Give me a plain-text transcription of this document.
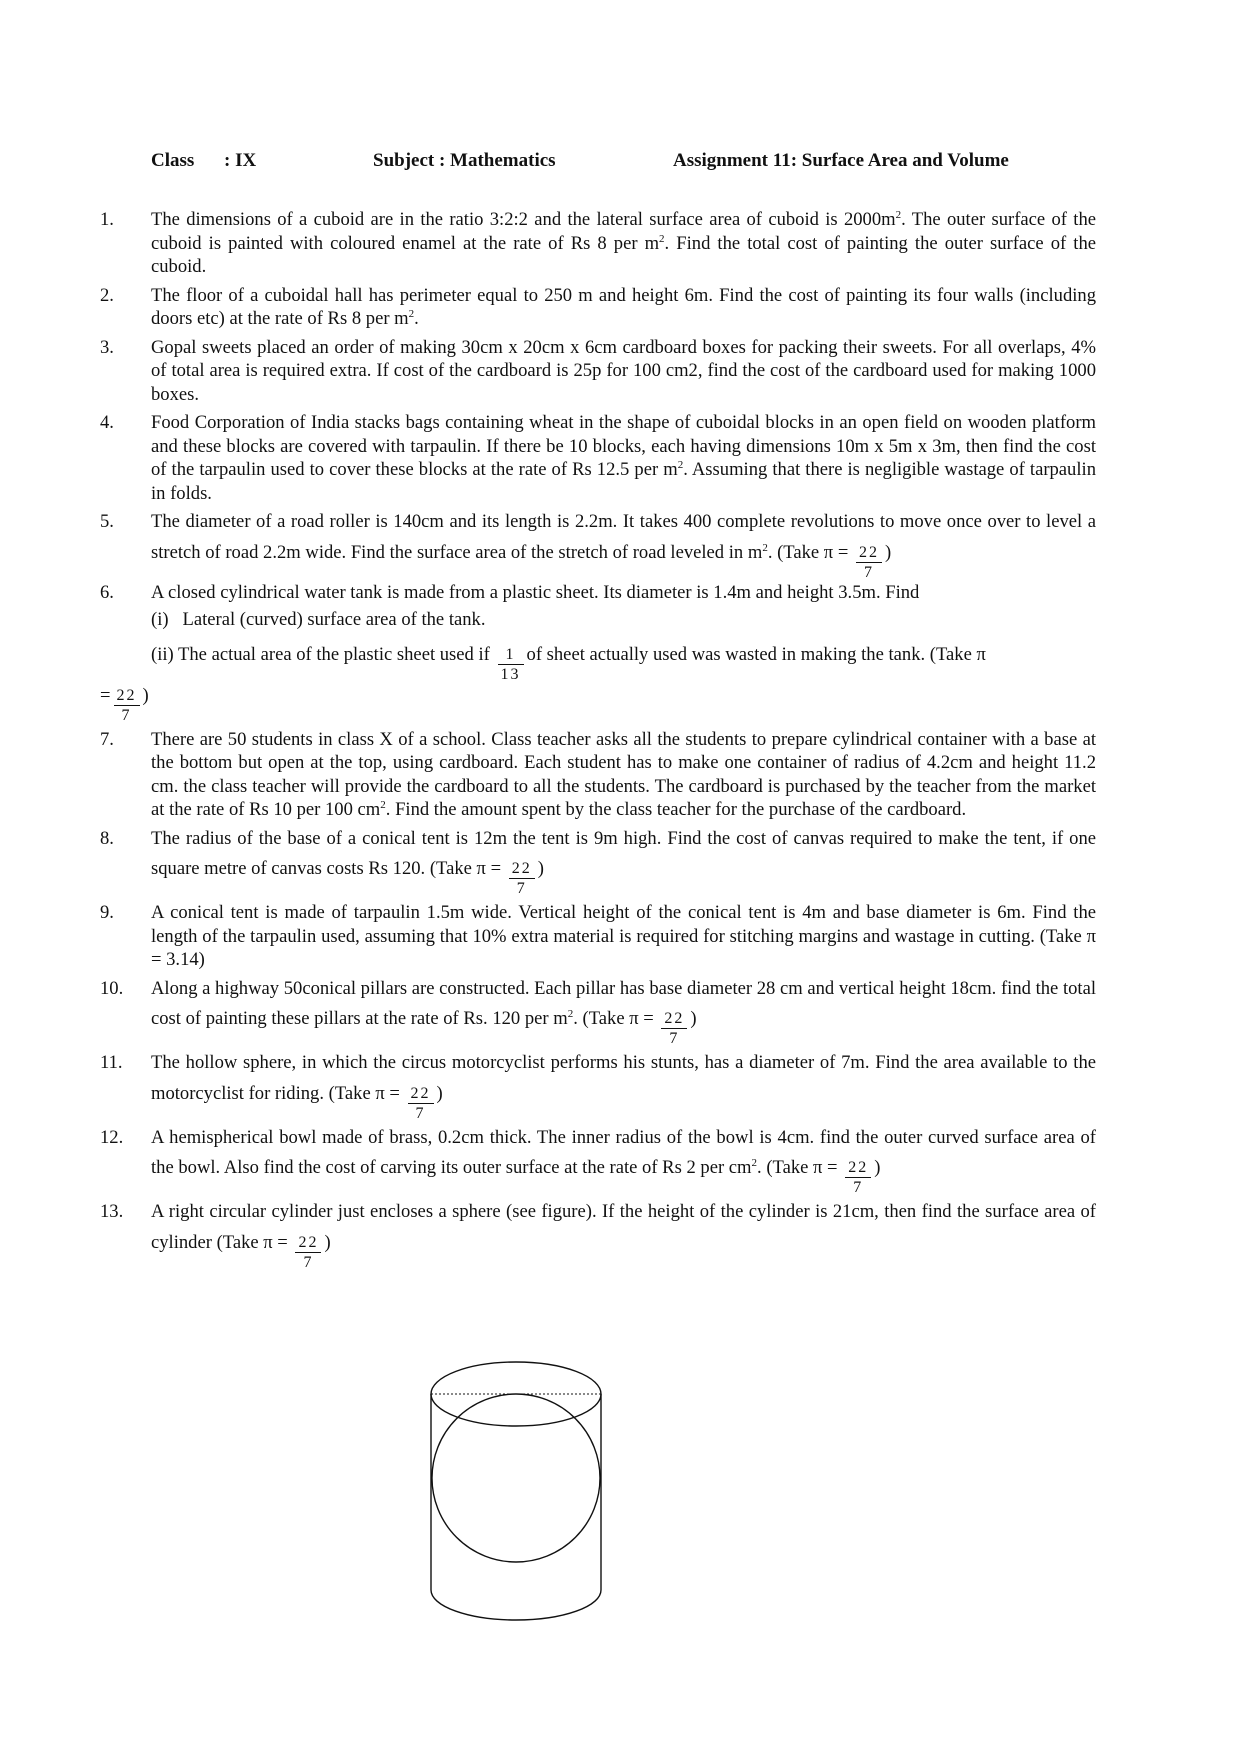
Class : IX	Subject : Mathematics	Assignment 11: Surface Area and Volume
1. The dimensions of a cuboid are in the ratio 3:2:2 and the lateral surface area of cuboid is $2000m^2$. The outer surface of the cuboid is painted with coloured enamel at the rate of Rs 8 per $m^2$. Find the total cost of painting the outer surface of the cuboid.
2. The floor of a cuboidal hall has perimeter equal to 250 m and height 6m. Find the cost of painting its four walls (including doors etc) at the rate of Rs 8 per $m^2$.
3. Gopal sweets placed an order of making 30cm x 20cm x 6cm cardboard boxes for packing their sweets. For all overlaps, 4% of total area is required extra. If cost of the cardboard is 25p for 100 cm2, find the cost of the cardboard used for making 1000 boxes.
4. Food Corporation of India stacks bags containing wheat in the shape of cuboidal blocks in an open field on wooden platform and these blocks are covered with tarpaulin. If there be 10 blocks, each having dimensions 10m x 5m x 3m, then find the cost of the tarpaulin used to cover these blocks at the rate of Rs 12.5 per $m^2$. Assuming that there is negligible wastage of tarpaulin in folds.
5. The diameter of a road roller is 140cm and its length is 2.2m. It takes 400 complete revolutions to move once over to level a stretch of road 2.2m wide. Find the surface area of the stretch of road leveled in $m^2$. (Take $\pi = \frac{22}{7}$ )
6. A closed cylindrical water tank is made from a plastic sheet. Its diameter is 1.4m and height 3.5m. Find
(i)   Lateral (curved) surface area of the tank.
(ii) The actual area of the plastic sheet used if $\frac{1}{13}$ of sheet actually used was wasted in making the tank. (Take π
= $\frac{22}{7}$ )
7. There are 50 students in class X of a school. Class teacher asks all the students to prepare cylindrical container with a base at the bottom but open at the top, using cardboard. Each student has to make one container of radius of 4.2cm and height 11.2 cm. the class teacher will provide the cardboard to all the students. The cardboard is purchased by the teacher from the market at the rate of Rs 10 per 100 $cm^2$. Find the amount spent by the class teacher for the purchase of the cardboard.
8. The radius of the base of a conical tent is 12m the tent is 9m high. Find the cost of canvas required to make the tent, if one square metre of canvas costs Rs 120. (Take $\pi = \frac{22}{7}$ )
9. A conical tent is made of tarpaulin 1.5m wide. Vertical height of the conical tent is 4m and base diameter is 6m. Find the length of the tarpaulin used, assuming that 10% extra material is required for stitching margins and wastage in cutting. (Take π = 3.14)
10. Along a highway 50conical pillars are constructed. Each pillar has base diameter 28 cm and vertical height 18cm. find the total cost of painting these pillars at the rate of Rs. 120 per $m^2$. (Take $\pi = \frac{22}{7}$ )
11. The hollow sphere, in which the circus motorcyclist performs his stunts, has a diameter of 7m. Find the area available to the motorcyclist for riding. (Take $\pi = \frac{22}{7}$ )
12. A hemispherical bowl made of brass, 0.2cm thick. The inner radius of the bowl is 4cm. find the outer curved surface area of the bowl. Also find the cost of carving its outer surface at the rate of Rs 2 per $cm^2$. (Take $\pi = \frac{22}{7}$ )
13. A right circular cylinder just encloses a sphere (see figure). If the height of the cylinder is 21cm, then find the surface area of cylinder (Take $\pi = \frac{22}{7}$ )
